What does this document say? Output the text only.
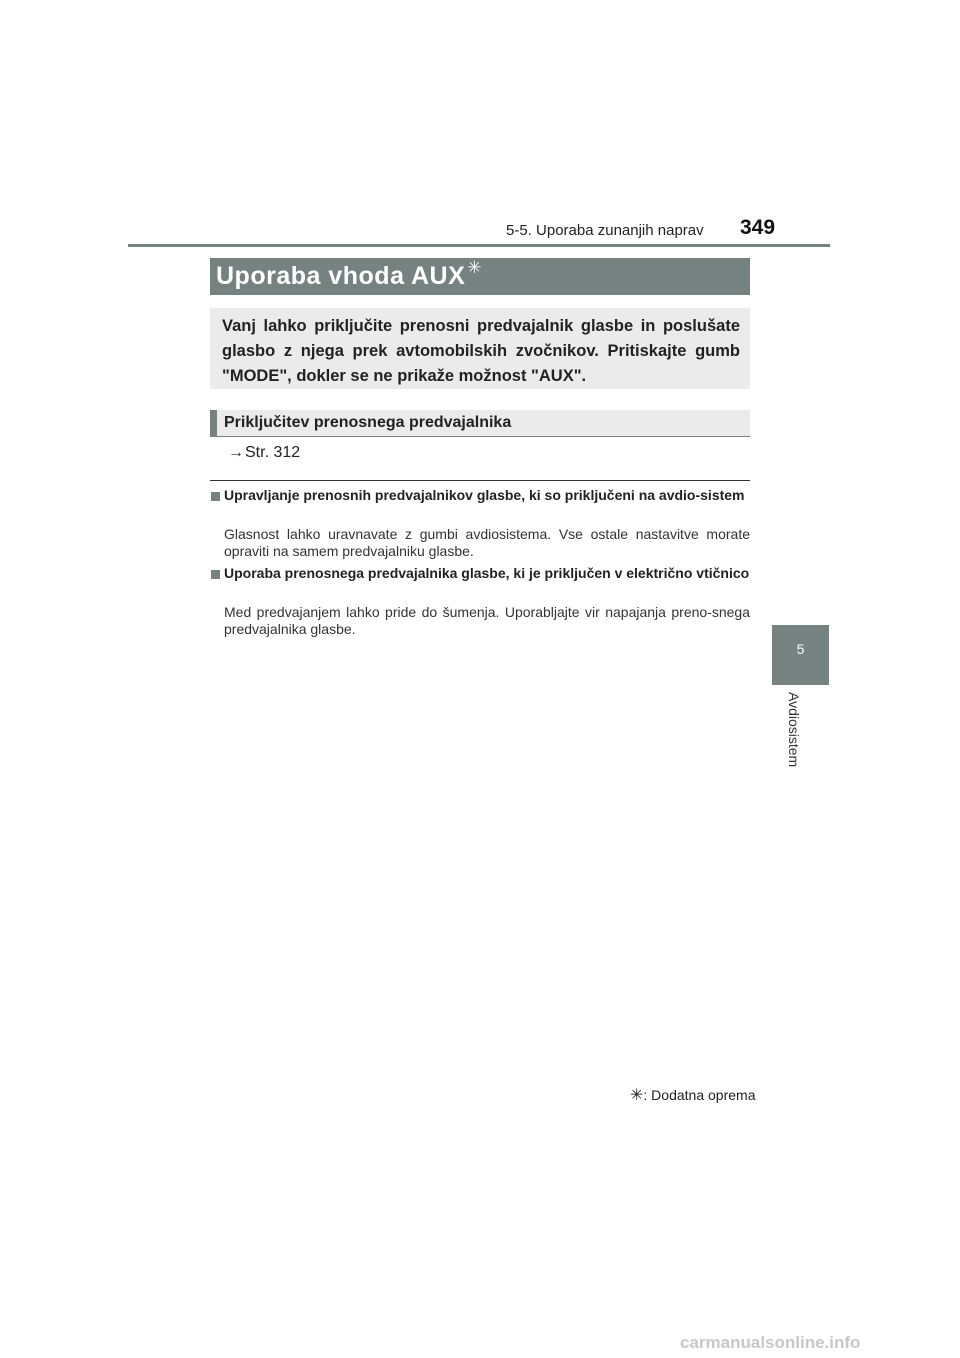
5-5. Uporaba zunanjih naprav 349
5
Avdiosistem
Uporaba vhoda AUX ✳
Vanj lahko priključite prenosni predvajalnik glasbe in poslušate glasbo z njega prek avtomobilskih zvočnikov. Pritiskajte gumb "MODE", dokler se ne prikaže možnost "AUX".
Priključitev prenosnega predvajalnika
→Str. 312
Upravljanje prenosnih predvajalnikov glasbe, ki so priključeni na avdio-sistem
Glasnost lahko uravnavate z gumbi avdiosistema. Vse ostale nastavitve morate opraviti na samem predvajalniku glasbe.
Uporaba prenosnega predvajalnika glasbe, ki je priključen v električno vtičnico
Med predvajanjem lahko pride do šumenja. Uporabljajte vir napajanja preno-snega predvajalnika glasbe.
✳: Dodatna oprema
carmanualsonline.info
